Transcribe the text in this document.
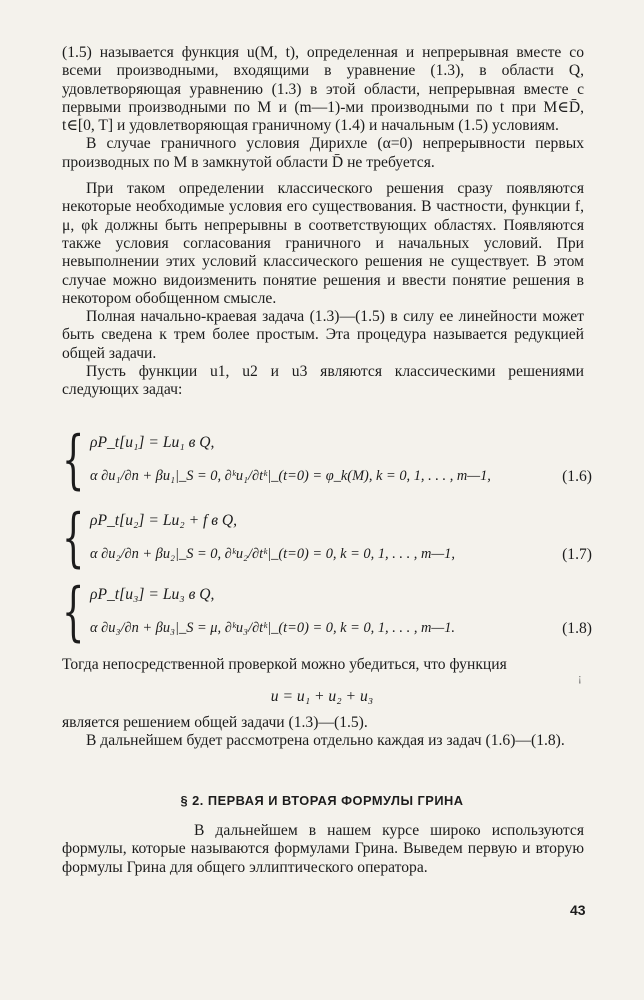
(1.5) называется функция u(M, t), определенная и непрерывная вместе со всеми производными, входящими в уравнение (1.3), в области Q, удовлетворяющая уравнению (1.3) в этой области, непрерывная вместе с первыми производными по M и (m—1)-ми производными по t при M∈D̄, t∈[0, T] и удовлетворяющая граничному (1.4) и начальным (1.5) условиям.

В случае граничного условия Дирихле (α=0) непрерывности первых производных по M в замкнутой области D̄ не требуется.

При таком определении классического решения сразу появляются некоторые необходимые условия его существования. В частности, функции f, μ, φk должны быть непрерывны в соответствующих областях. Появляются также условия согласования граничного и начальных условий. При невыполнении этих условий классического решения не существует. В этом случае можно видоизменить понятие решения и ввести понятие решения в некотором обобщенном смысле.

Полная начально-краевая задача (1.3)—(1.5) в силу ее линейности может быть сведена к трем более простым. Эта процедура называется редукцией общей задачи.

Пусть функции u1, u2 и u3 являются классическими решениями следующих задач:

{ ρP_t[u₁] = Lu₁ в Q,
α ∂u₁/∂n + βu₁|_S = 0, ∂ᵏu₁/∂tᵏ|_(t=0) = φ_k(M), k = 0, 1, . . . , m—1,	(1.6)
{ ρP_t[u₂] = Lu₂ + f в Q,
α ∂u₂/∂n + βu₂|_S = 0, ∂ᵏu₂/∂tᵏ|_(t=0) = 0, k = 0, 1, . . . , m—1,	(1.7)
{ ρP_t[u₃] = Lu₃ в Q,
α ∂u₃/∂n + βu₃|_S = μ, ∂ᵏu₃/∂tᵏ|_(t=0) = 0, k = 0, 1, . . . , m—1.	(1.8)
Тогда непосредственной проверкой можно убедиться, что функция
¡
u = u₁ + u₂ + u₃

является решением общей задачи (1.3)—(1.5).

В дальнейшем будет рассмотрена отдельно каждая из задач (1.6)—(1.8).

§ 2. ПЕРВАЯ И ВТОРАЯ ФОРМУЛЫ ГРИНА

В дальнейшем в нашем курсе широко используются формулы, которые называются формулами Грина. Выведем первую и вторую формулы Грина для общего эллиптического оператора.

43
